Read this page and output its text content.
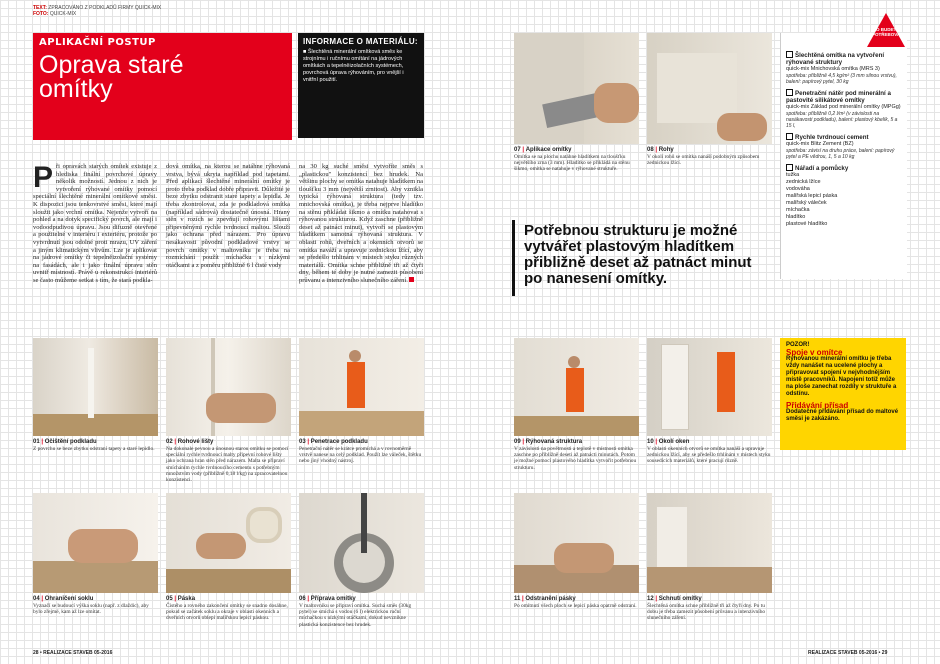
TEXT: ZPRACOVÁNO Z PODKLADŮ FIRMY QUICK-MIX
FOTO: QUICK-MIX
APLIKAČNÍ POSTUP
Oprava staré omítky
INFORMACE O MATERIÁLU:
■ Šlechtěná minerální omítková směs ke strojnímu i ručnímu omítání na jádrových omítkách a tepelněizolačních systémech, povrchová úprava rýhováním, pro vnější i vnitřní použití.
Při opravách starých omítek existuje z hlediska finální povrchové úpravy několik možností. Jednou z nich je vytvoření rýhované omítky pomocí speciální šlechtěné minerální omítkové směsi. K dispozici jsou tenkovrstvé směsi, které mají sloužit jako vrchní omítka. Nejenže vytvoří na pohled a na dotyk specifický povrch, ale mají i vodoodpudivou úpravu. Jsou difuzně otevřené a použitelné v interiéru i exteriéru, protože po vytvrdnutí jsou odolné proti mrazu, UV záření a jiným klimatickým vlivům. Lze je aplikovat na jádrové omítky či tepelněizolační systémy na fasádách, ale i jako finální úpravu stěn uvnitř místností. Právě u rekonstrukcí interiérů se často můžeme setkat s tím, že stará podkla-
dová omítka, na kterou se natáhne rýhovaná vrstva, bývá ukryta například pod tapetami. Před aplikací šlechtěné minerální omítky je proto třeba podklad dobře připravit. Důležité je beze zbytku odstranit staré tapety a lepidla. Je třeba zkontrolovat, zda je podkladová omítka (například sádrová) dostatečně únosná. Hrany stěn v rozích se zpevňují rohovými lištami připevněnými rychle tvrdnoucí maltou. Slouží jako ochrana před nárazem. Pro úpravu nesákavosti původní podkladové vrstvy se povrch omítky v maltovníku je třeba na rozmíchání použít míchačku s nízkými otáčkami a z poměru přibližně 6 l čisté vody
na 30 kg suché směsi vytvoříte směs s „plastickou" konzistencí bez hrudek. Na většinu plochy se omítka natahuje hladítkem na tloušťku 3 mm (největší zrnitost). Aby vznikla typická rýhovaná struktura (tedy tzv. mnichovská omítka), je třeba nejprve hladítko na stěnu přikládat šikmo a omítku natahovat s rýhovanou strukturou. Když zaschne (přibližně deset až patnáct minut), vytvoří se plastovým hladítkem samotná rýhovaná struktura. V oblasti rohů, dveřních a okenních otvorů se omítka naváží a upravuje zednickou lžící, aby se předešlo trhlinám v místech styku různých materiálů. Omítka schne přibližně tři až čtyři dny, během té doby je nutné zamezit působení průvanu a intenzivního slunečního záření.
01 | Očištění podkladu
Z povrchu se beze zbytku odstraní tapety a staré lepidlo.
02 | Rohové lišty
Na dokonale pevnou a únosnou starou omítku se pomocí speciální rychle tvrdnoucí malty připevní rohové lišty jako ochrana hran stěn před nárazem. Malta se připraví smícháním rychle tvrdnoucího cementu s potřebným množstvím vody (přibližně 0,18 l/kg) na zpracovatelnou konzistenci.
03 | Penetrace podkladu
Penetrační nátěr se krátce promíchá a v rovnoměrně vrstvě nanese na celý podklad. Použít lze váleček, štětku nebo jiný vhodný nástroj.
04 | Ohraničení soklu
Vyznačí se budoucí výška soklu (např. z dlaždic), aby bylo zřejmé, kam až lze omítat.
05 | Páska
Čistého a rovného zakončení omítky se snadno dosáhne, pokud se začátek soklu a okraje v oblasti okenních a dveřních otvorů oblepí malířskou lepicí páskou.
06 | Příprava omítky
V maltovníku se připraví omítka. Suchá směs (30kg pytel) se smíchá s vodou (6 l) elektrickou ruční míchačkou s nízkými otáčkami, dokud nevznikne plastická konzistence bez hrudek.
07 | Aplikace omítky
Omítka se na plochu natáhne hladítkem na tloušťku největšího zrna (3 mm). Hladítko se přikládá na stěnu šikmo, omítka se natahuje v rýhované struktuře.
08 | Rohy
V okolí rohů se omítka nanáší podobným způsobem zednickou lžící.
Potřebnou strukturu je možné vytvářet plastovým hladítkem přibližně deset až patnáct minut po nanesení omítky.
CO BUDETE POTŘEBOVAT
Šlechtěná omítka na vytvoření rýhované struktury
quick-mix Mnichovská omítka (MRS 3)
spotřeba: přibližně 4,5 kg/m² (3 mm silnou vrstvu), balení: papírový pytel, 30 kg
Penetrační nátěr pod minerální a pastovité silikátové omítky
quick-mix Základ pod minerální omítky (MPGg)
spotřeba: přibližně 0,2 l/m² (v závislosti na nasákavosti podkladu), balení: plastový kbelík, 5 a 15 l,
Rychle tvrdnoucí cement
quick-mix Blitz Zement (BZ)
spotřeba: závisí na druhu práce, balení: papírový pytel a PE vědrou, 1, 5 a 10 kg
Nářadí a pomůcky
tužka
zednická lžíce
vodováha
malířská lepicí páska
malířský váleček
míchačka
hladítko
plastové hladítko
09 | Rýhovaná struktura
V závislosti na povětrnosti a teplotě v místnosti omítka zaschne po přibližně deseti až patnácti minutách. Potom je možné pomocí plastového hladítka vytvořit potřebnou strukturu.
10 | Okolí oken
V oblasti okenních otvorů se omítka nanáší a upravuje zednickou lžící, aby se předešlo trhlinám v místech styku sousedících materiálů, které pracují různě.
11 | Odstranění pásky
Po omítnutí všech ploch se lepicí páska opatrně odstraní.
12 | Schnutí omítky
Šlechtěná omítka schne přibližně tři až čtyři dny. Po tu dobu je třeba zamezit působení průvanu a intenzivního slunečního záření.
POZOR!
Spoje v omítce
Rýhovanou minerální omítku je třeba vždy nanášet na ucelené plochy a připravovat spojení v nejvhodnějším místě pracovníků. Napojení totiž může na ploše zanechat rozdíly v struktuře a odstínu.
Přidávání přísad
Dodatečné přidávání přísad do maltové směsi je zakázáno.
28 • REALIZACE STAVEB 05-2016	REALIZACE STAVEB 05-2016 • 29
